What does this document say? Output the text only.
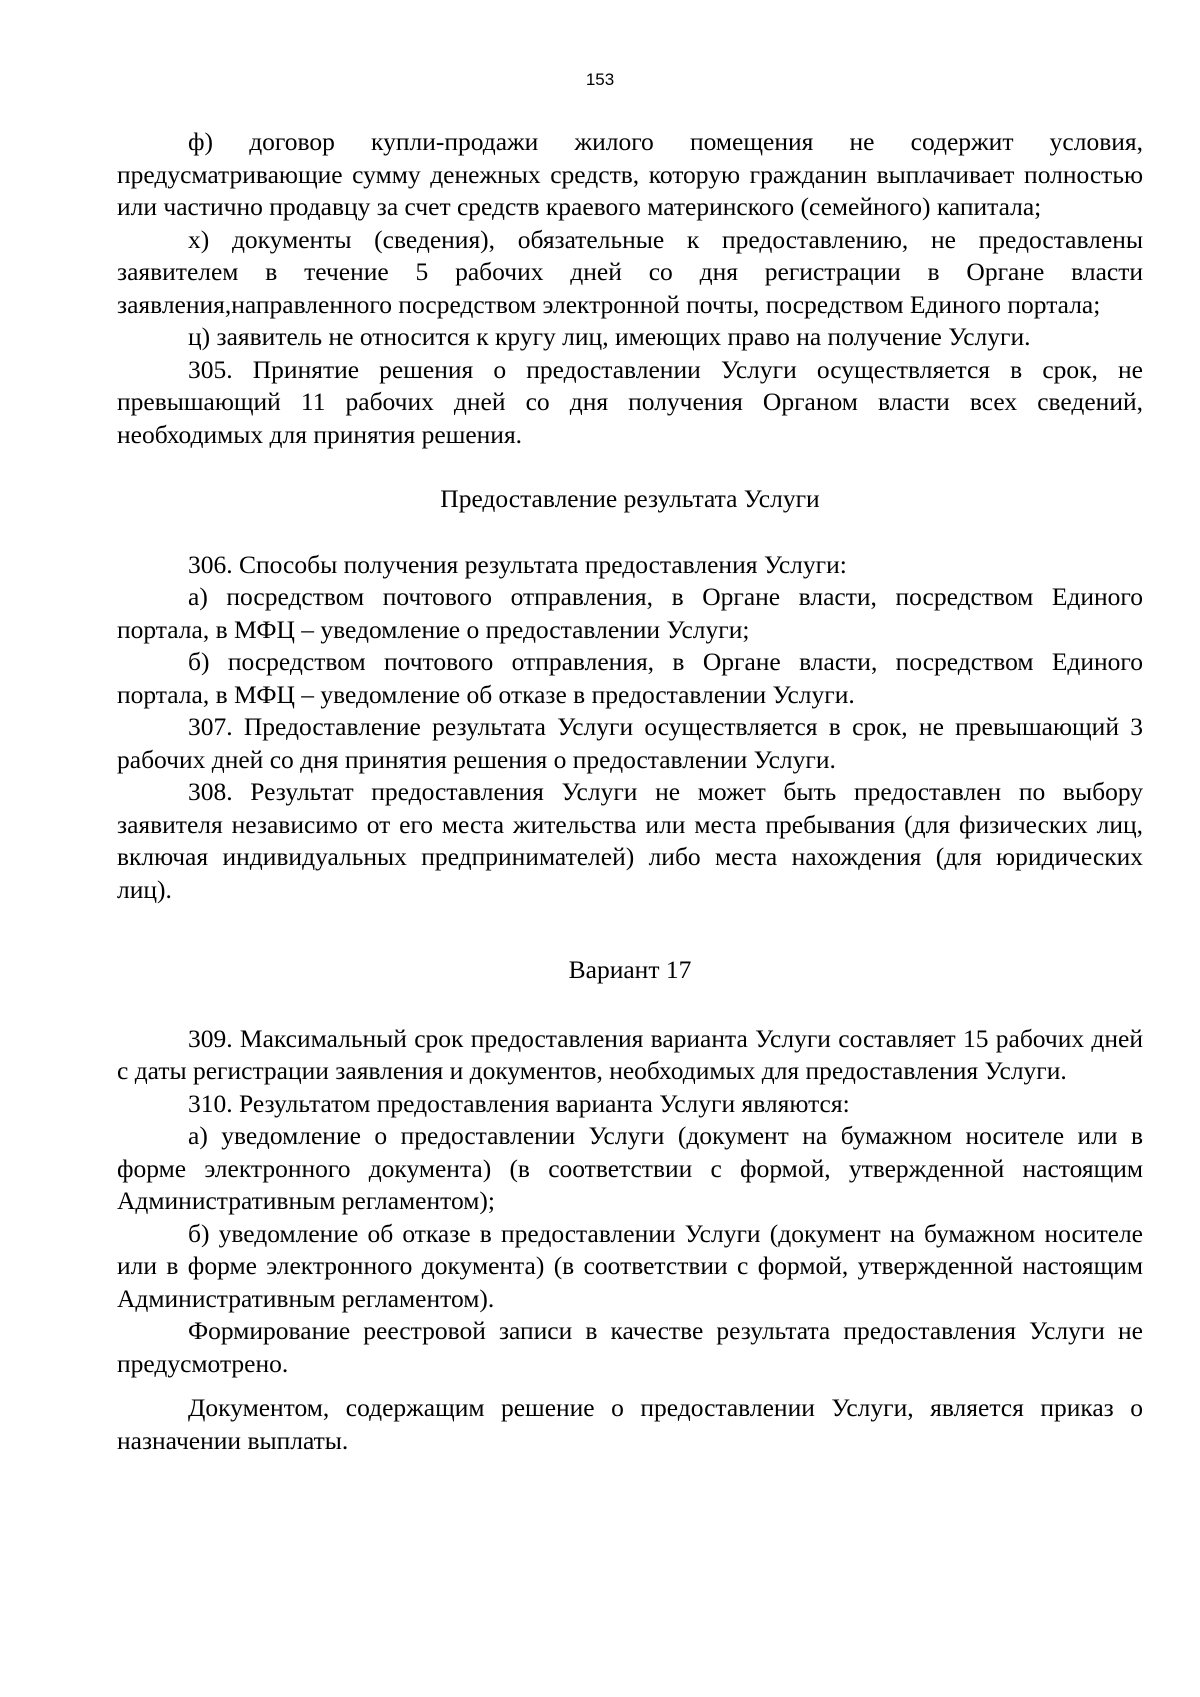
153

ф) договор купли-продажи жилого помещения не содержит условия, предусматривающие сумму денежных средств, которую гражданин выплачивает полностью или частично продавцу за счет средств краевого материнского (семейного) капитала;

х) документы (сведения), обязательные к предоставлению, не предоставлены заявителем в течение 5 рабочих дней со дня регистрации в Органе власти заявления,направленного посредством электронной почты, посредством Единого портала;

ц) заявитель не относится к кругу лиц, имеющих право на получение Услуги.

305. Принятие решения о предоставлении Услуги осуществляется в срок, не превышающий 11 рабочих дней со дня получения Органом власти всех сведений, необходимых для принятия решения.

Предоставление результата Услуги

306. Способы получения результата предоставления Услуги:

а) посредством почтового отправления, в Органе власти, посредством Единого портала, в МФЦ – уведомление о предоставлении Услуги;

б) посредством почтового отправления, в Органе власти, посредством Единого портала, в МФЦ – уведомление об отказе в предоставлении Услуги.

307. Предоставление результата Услуги осуществляется в срок, не превышающий 3 рабочих дней со дня принятия решения о предоставлении Услуги.

308. Результат предоставления Услуги не может быть предоставлен по выбору заявителя независимо от его места жительства или места пребывания (для физических лиц, включая индивидуальных предпринимателей) либо места нахождения (для юридических лиц).

Вариант 17

309. Максимальный срок предоставления варианта Услуги составляет 15 рабочих дней с даты регистрации заявления и документов, необходимых для предоставления Услуги.

310. Результатом предоставления варианта Услуги являются:

а) уведомление о предоставлении Услуги (документ на бумажном носителе или в форме электронного документа) (в соответствии с формой, утвержденной настоящим Административным регламентом);

б) уведомление об отказе в предоставлении Услуги (документ на бумажном носителе или в форме электронного документа) (в соответствии с формой, утвержденной настоящим Административным регламентом).

Формирование реестровой записи в качестве результата предоставления Услуги не предусмотрено.

Документом, содержащим решение о предоставлении Услуги, является приказ о назначении выплаты.
